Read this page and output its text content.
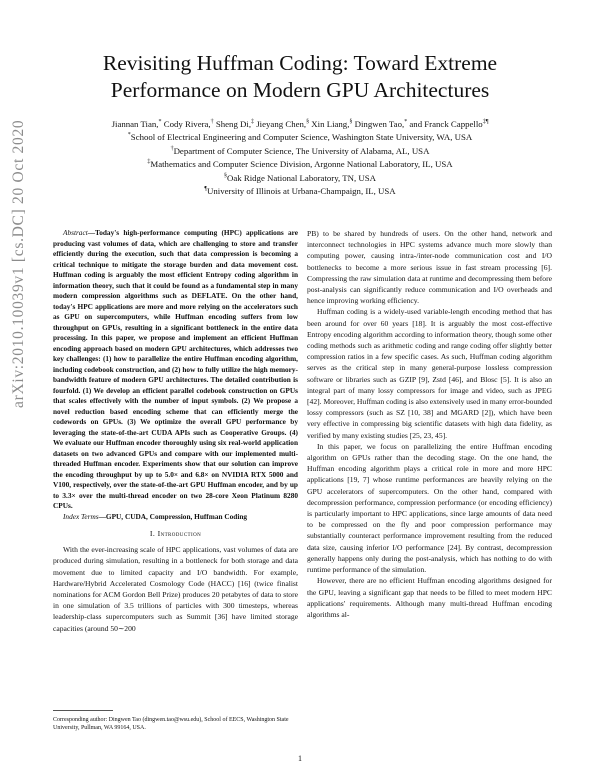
Revisiting Huffman Coding: Toward Extreme
Performance on Modern GPU Architectures
Jiannan Tian,* Cody Rivera,† Sheng Di,‡ Jieyang Chen,§ Xin Liang,§ Dingwen Tao,* and Franck Cappello‡¶
*School of Electrical Engineering and Computer Science, Washington State University, WA, USA
†Department of Computer Science, The University of Alabama, AL, USA
‡Mathematics and Computer Science Division, Argonne National Laboratory, IL, USA
§Oak Ridge National Laboratory, TN, USA
¶University of Illinois at Urbana-Champaign, IL, USA
arXiv:2010.10039v1 [cs.DC] 20 Oct 2020	Abstract—Today's high-performance computing (HPC) applications are producing vast volumes of data, which are challenging to store and transfer efficiently during the execution, such that data compression is becoming a critical technique to mitigate the storage burden and data movement cost. Huffman coding is arguably the most efficient Entropy coding algorithm in information theory, such that it could be found as a fundamental step in many modern compression algorithms such as DEFLATE. On the other hand, today's HPC applications are more and more relying on the accelerators such as GPU on supercomputers, while Huffman encoding suffers from low throughput on GPUs, resulting in a significant bottleneck in the entire data processing. In this paper, we propose and implement an efficient Huffman encoding approach based on modern GPU architectures, which addresses two key challenges: (1) how to parallelize the entire Huffman encoding algorithm, including codebook construction, and (2) how to fully utilize the high memory-bandwidth feature of modern GPU architectures. The detailed contribution is fourfold. (1) We develop an efficient parallel codebook construction on GPUs that scales effectively with the number of input symbols. (2) We propose a novel reduction based encoding scheme that can efficiently merge the codewords on GPUs. (3) We optimize the overall GPU performance by leveraging the state-of-the-art CUDA APIs such as Cooperative Groups. (4) We evaluate our Huffman encoder thoroughly using six real-world application datasets on two advanced GPUs and compare with our implemented multi-threaded Huffman encoder. Experiments show that our solution can improve the encoding throughput by up to 5.0× and 6.8× on NVIDIA RTX 5000 and V100, respectively, over the state-of-the-art GPU Huffman encoder, and by up to 3.3× over the multi-thread encoder on two 28-core Xeon Platinum 8280 CPUs.

Index Terms—GPU, CUDA, Compression, Huffman Coding

I. Introduction

With the ever-increasing scale of HPC applications, vast volumes of data are produced during simulation, resulting in a bottleneck for both storage and data movement due to limited capacity and I/O bandwidth. For example, Hardware/Hybrid Accelerated Cosmology Code (HACC) [16] (twice finalist nominations for ACM Gordon Bell Prize) produces 20 petabytes of data to store in one simulation of 3.5 trillions of particles with 300 timesteps, whereas leadership-class supercomputers such as Summit [36] have limited storage capacities (around 50∼200

PB) to be shared by hundreds of users. On the other hand, network and interconnect technologies in HPC systems advance much more slowly than computing power, causing intra-/inter-node communication cost and I/O bottlenecks to become a more serious issue in fast stream processing [6]. Compressing the raw simulation data at runtime and decompressing them before post-analysis can significantly reduce communication and I/O overheads and hence improving working efficiency.

Huffman coding is a widely-used variable-length encoding method that has been around for over 60 years [18]. It is arguably the most cost-effective Entropy encoding algorithm according to information theory, though some other coding methods such as arithmetic coding and range coding offer slightly better compression ratios in a few specific cases. As such, Huffman coding algorithm serves as the critical step in many general-purpose lossless compression software or libraries such as GZIP [9], Zstd [46], and Blosc [5]. It is also an integral part of many lossy compressors for image and video, such as JPEG [42]. Moreover, Huffman coding is also extensively used in many error-bounded lossy compressors (such as SZ [10, 38] and MGARD [2]), which have been very effective in compressing big scientific datasets with high data fidelity, as verified by many existing studies [25, 23, 45].

In this paper, we focus on parallelizing the entire Huffman encoding algorithm on GPUs rather than the decoding stage. On the one hand, the Huffman encoding algorithm plays a critical role in more and more HPC applications [19, 7] whose runtime performances are heavily relying on the GPU accelerators of supercomputers. On the other hand, compared with decompression performance, compression performance (or encoding efficiency) is particularly important to HPC applications, since large amounts of data need to be compressed on the fly and poor compression performance may substantially counteract performance improvement resulting from the reduced data size, causing inferior I/O performance [24]. By contrast, decompression generally happens only during the post-analysis, which has nothing to do with runtime performance of the simulation.

However, there are no efficient Huffman encoding algorithms designed for the GPU, leaving a significant gap that needs to be filled to meet modern HPC applications' requirements. Although many multi-thread Huffman encoding algorithms al-

Corresponding author: Dingwen Tao (dingwen.tao@wsu.edu), School of EECS, Washington State University, Pullman, WA 99164, USA.
1
